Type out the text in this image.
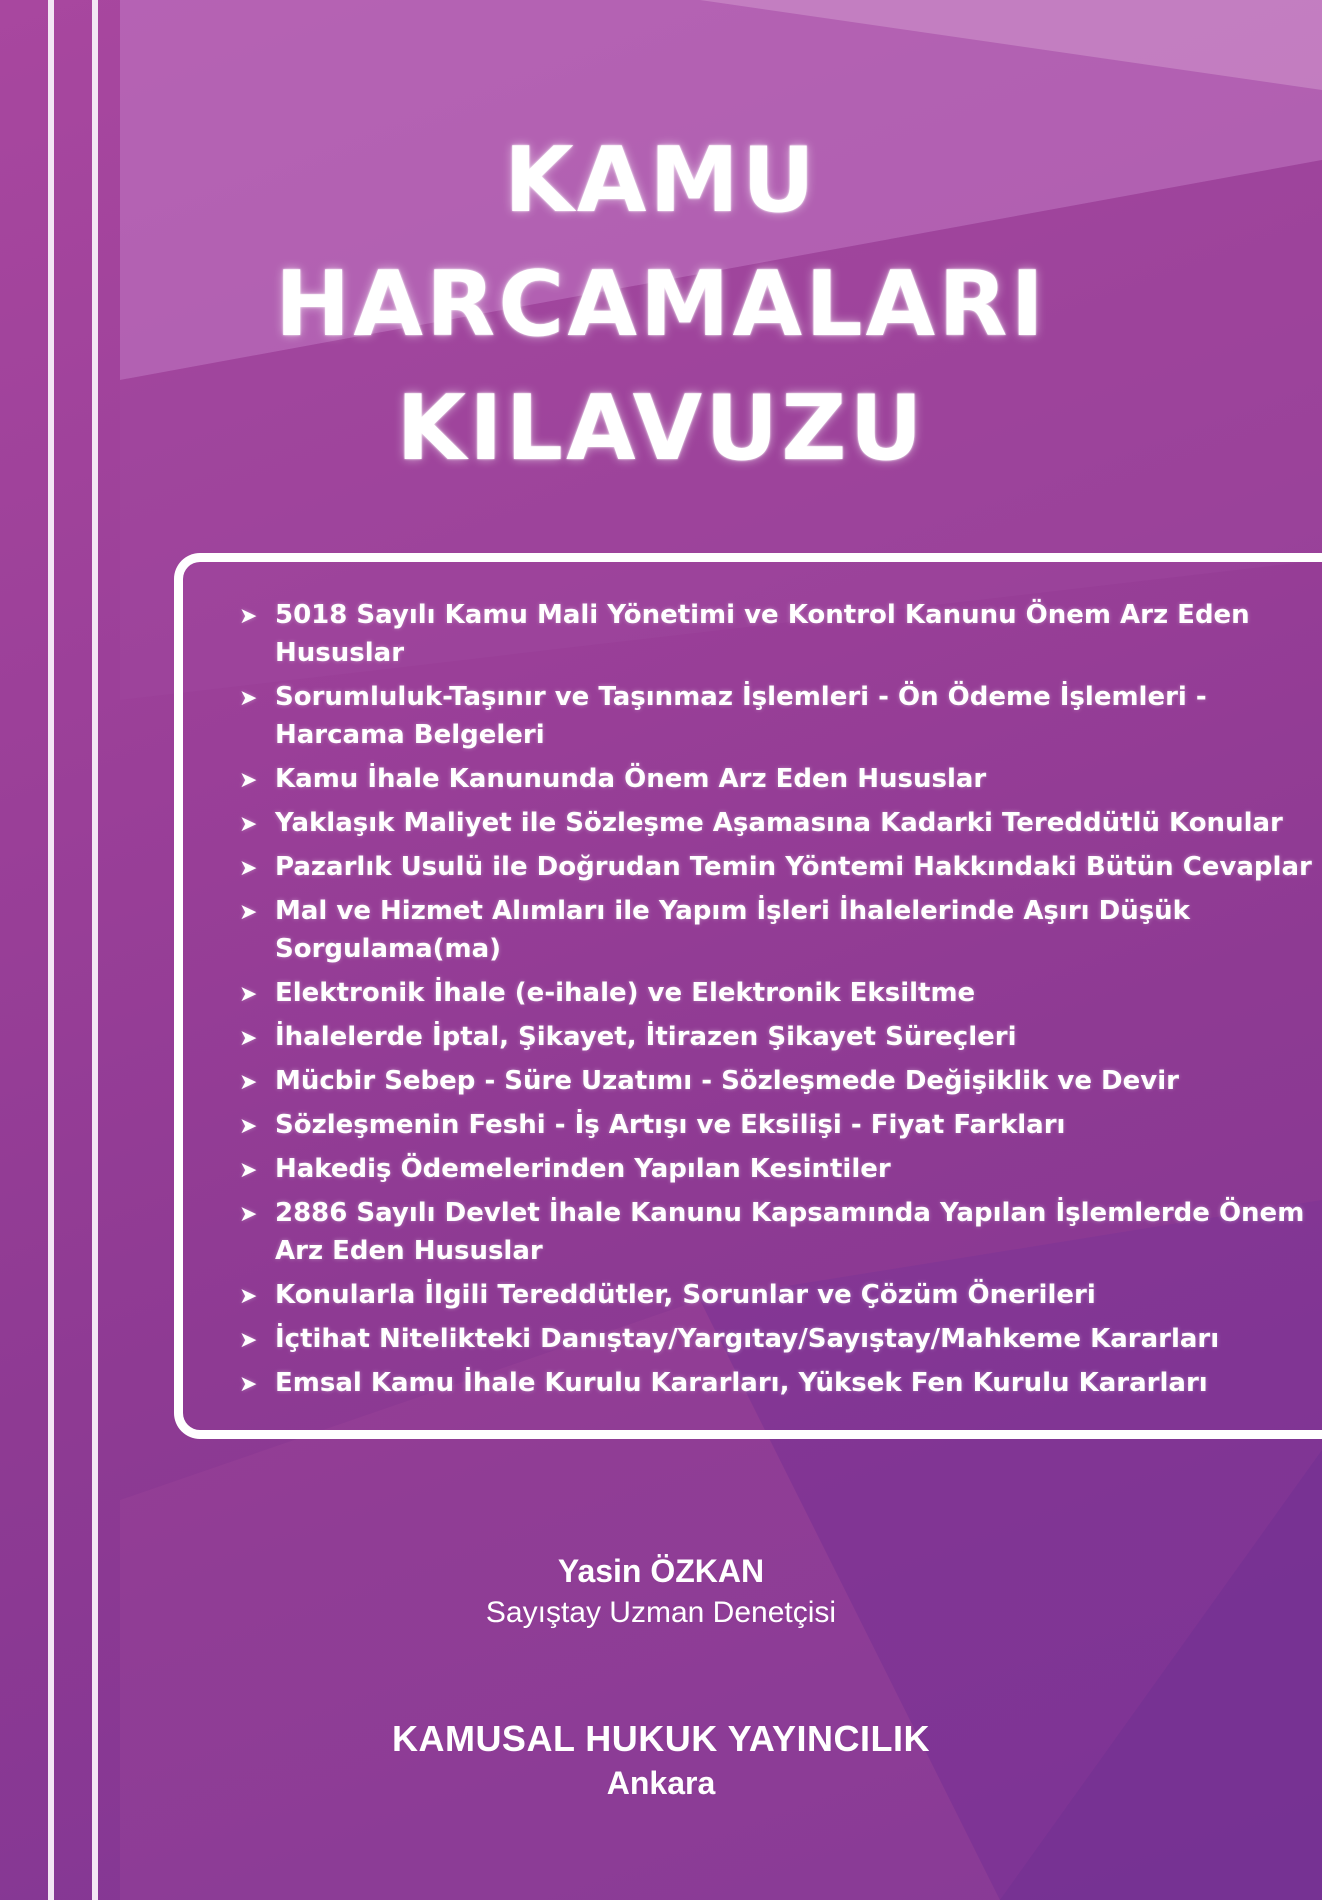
KAMU
HARCAMALARI
KILAVUZU
➤ 5018 Sayılı Kamu Mali Yönetimi ve Kontrol Kanunu Önem Arz Eden Hususlar
➤ Sorumluluk-Taşınır ve Taşınmaz İşlemleri - Ön Ödeme İşlemleri - Harcama Belgeleri
➤ Kamu İhale Kanununda Önem Arz Eden Hususlar
➤ Yaklaşık Maliyet ile Sözleşme Aşamasına Kadarki Tereddütlü Konular
➤ Pazarlık Usulü ile Doğrudan Temin Yöntemi Hakkındaki Bütün Cevaplar
➤ Mal ve Hizmet Alımları ile Yapım İşleri İhalelerinde Aşırı Düşük Sorgulama(ma)
➤ Elektronik İhale (e-ihale) ve Elektronik Eksiltme
➤ İhalelerde İptal, Şikayet, İtirazen Şikayet Süreçleri
➤ Mücbir Sebep - Süre Uzatımı - Sözleşmede Değişiklik ve Devir
➤ Sözleşmenin Feshi - İş Artışı ve Eksilişi - Fiyat Farkları
➤ Hakediş Ödemelerinden Yapılan Kesintiler
➤ 2886 Sayılı Devlet İhale Kanunu Kapsamında Yapılan İşlemlerde Önem Arz Eden Hususlar
➤ Konularla İlgili Tereddütler, Sorunlar ve Çözüm Önerileri
➤ İçtihat Nitelikteki Danıştay/Yargıtay/Sayıştay/Mahkeme Kararları
➤ Emsal Kamu İhale Kurulu Kararları, Yüksek Fen Kurulu Kararları
Yasin ÖZKAN
Sayıştay Uzman Denetçisi
KAMUSAL HUKUK YAYINCILIK
Ankara
